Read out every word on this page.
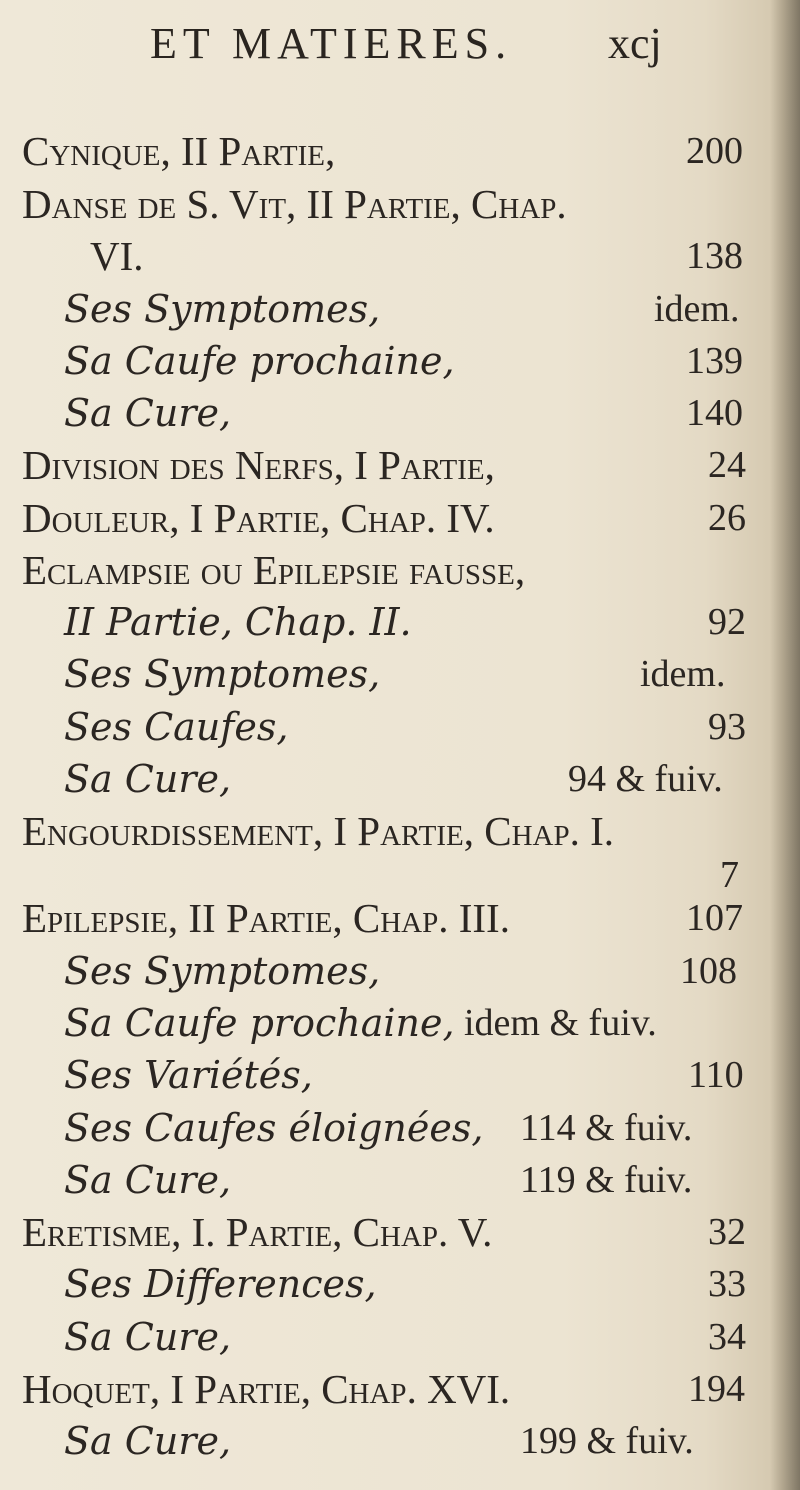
ET MATIERES. xcj
Cynique, II Partie,	200
Danse de S. Vit, II Partie, Chap.
VI.	138
Ses Symptomes,	idem.
Sa Caufe prochaine,	139
Sa Cure,	140
Division des Nerfs, I Partie,	24
Douleur, I Partie, Chap. IV.	26
Eclampsie ou Epilepsie fausse,
II Partie, Chap. II.	92
Ses Symptomes,	idem.
Ses Caufes,	93
Sa Cure,	94 & fuiv.
Engourdissement, I Partie, Chap. I.
7
Epilepsie, II Partie, Chap. III.	107
Ses Symptomes,	108
Sa Caufe prochaine, idem & fuiv.
Ses Variétés,	110
Ses Caufes éloignées, 114 & fuiv.
Sa Cure,	119 & fuiv.
Eretisme, I. Partie, Chap. V.	32
Ses Differences,	33
Sa Cure,	34
Hoquet, I Partie, Chap. XVI.	194
Sa Cure,	199 & fuiv.
